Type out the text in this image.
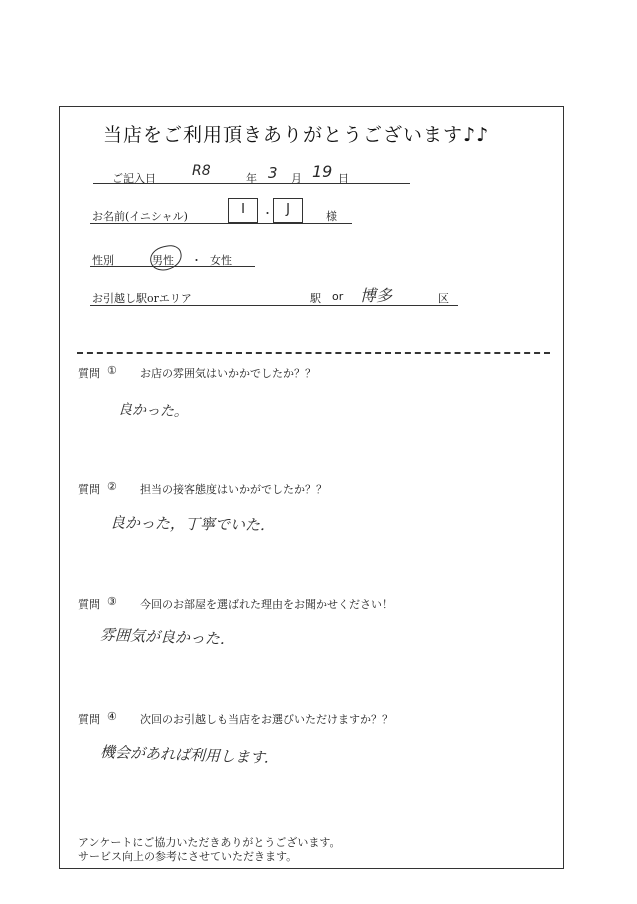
当店をご利用頂きありがとうございます♪♪
ご記入日	R8	年 3 月 19 日
お名前(イニシャル)	I	・	J	様
性別	男性 ・ 女性
お引越し駅orエリア	駅 or 博多	区
質問 ① お店の雰囲気はいかかでしたか？？
良かった。
質問 ② 担当の接客態度はいかがでしたか？？
良かった，丁寧でいた．
質問 ③ 今回のお部屋を選ばれた理由をお聞かせください！
雰囲気が良かった．
質問 ④ 次回のお引越しも当店をお選びいただけますか？？
機会があれば利用します．
アンケートにご協力いただきありがとうございます。
サービス向上の参考にさせていただきます。
